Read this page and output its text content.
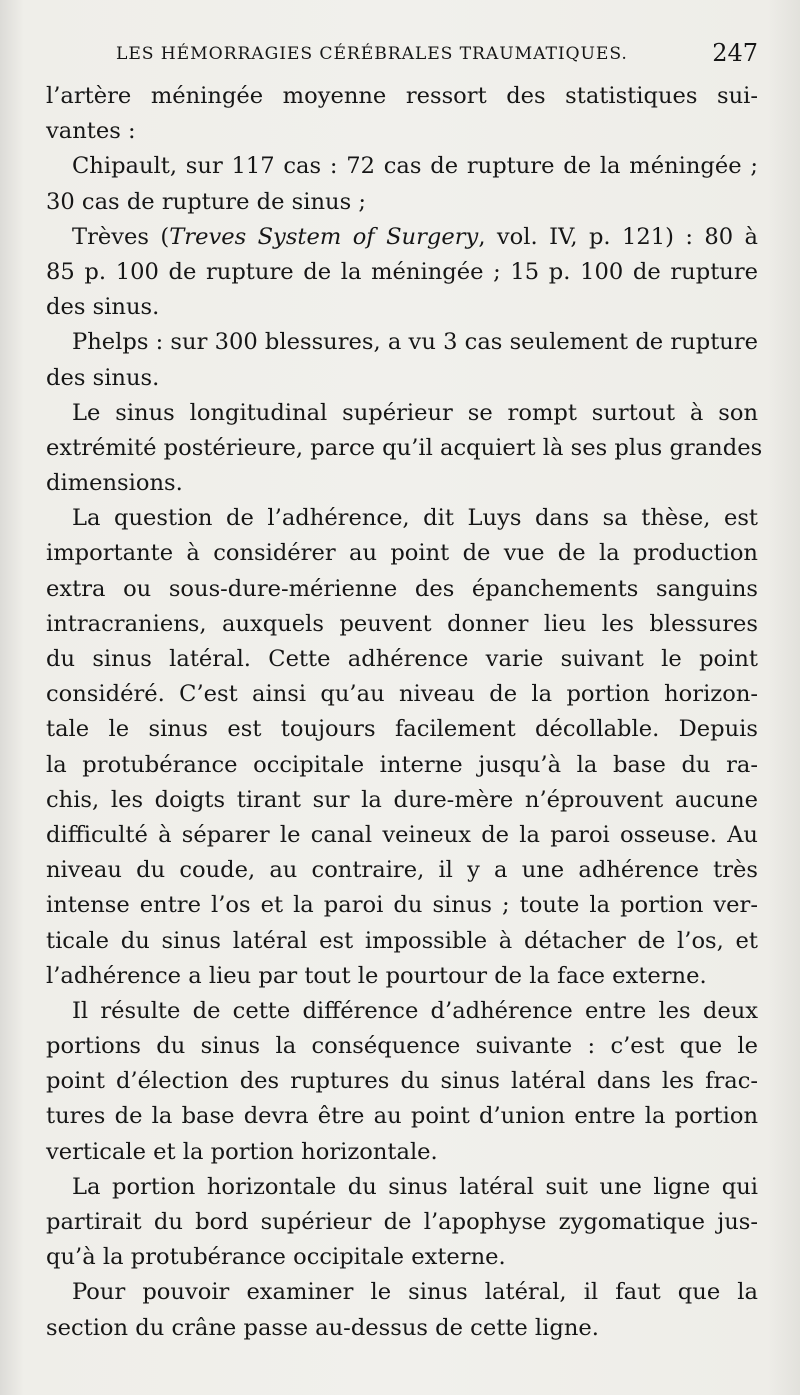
LES HÉMORRAGIES CÉRÉBRALES TRAUMATIQUES.	247

l’artère méningée moyenne ressort des statistiques sui-
vantes :

Chipault, sur 117 cas : 72 cas de rupture de la méningée ;
30 cas de rupture de sinus ;

Trèves (Treves System of Surgery, vol. IV, p. 121) : 80 à
85 p. 100 de rupture de la méningée ; 15 p. 100 de rupture
des sinus.

Phelps : sur 300 blessures, a vu 3 cas seulement de rupture
des sinus.

Le sinus longitudinal supérieur se rompt surtout à son
extrémité postérieure, parce qu’il acquiert là ses plus grandes
dimensions.

La question de l’adhérence, dit Luys dans sa thèse, est
importante à considérer au point de vue de la production
extra ou sous-dure-mérienne des épanchements sanguins
intracraniens, auxquels peuvent donner lieu les blessures
du sinus latéral. Cette adhérence varie suivant le point
considéré. C’est ainsi qu’au niveau de la portion horizon-
tale le sinus est toujours facilement décollable. Depuis
la protubérance occipitale interne jusqu’à la base du ra-
chis, les doigts tirant sur la dure-mère n’éprouvent aucune
difficulté à séparer le canal veineux de la paroi osseuse. Au
niveau du coude, au contraire, il y a une adhérence très
intense entre l’os et la paroi du sinus ; toute la portion ver-
ticale du sinus latéral est impossible à détacher de l’os, et
l’adhérence a lieu par tout le pourtour de la face externe.

Il résulte de cette différence d’adhérence entre les deux
portions du sinus la conséquence suivante : c’est que le
point d’élection des ruptures du sinus latéral dans les frac-
tures de la base devra être au point d’union entre la portion
verticale et la portion horizontale.

La portion horizontale du sinus latéral suit une ligne qui
partirait du bord supérieur de l’apophyse zygomatique jus-
qu’à la protubérance occipitale externe.

Pour pouvoir examiner le sinus latéral, il faut que la
section du crâne passe au-dessus de cette ligne.
